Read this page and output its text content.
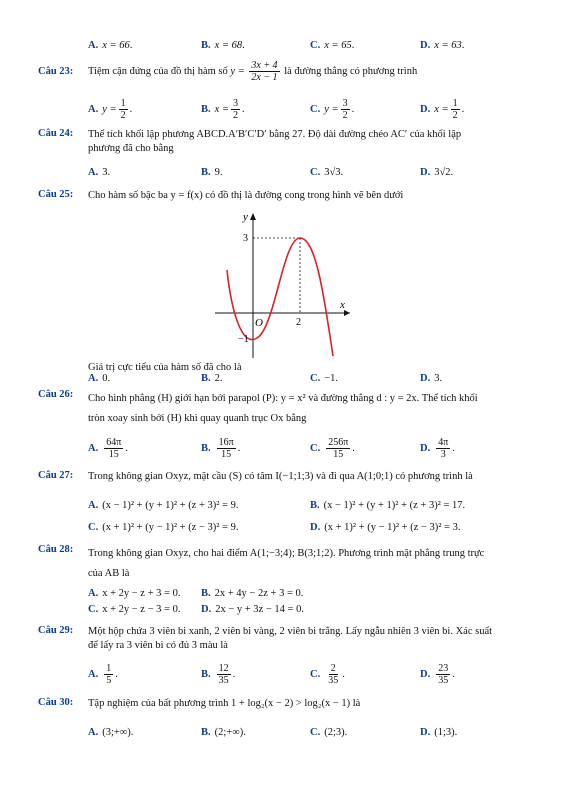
A. x = 66.	B. x = 68.	C. x = 65.	D. x = 63.
Câu 23: Tiệm cận đứng của đồ thị hàm số $y = \frac{3x + 4}{2x - 1}$ là đường thẳng có phương trình
A. $y = \frac{1}{2}$ .	B. $x = \frac{3}{2}$ .	C. $y = \frac{3}{2}$ .	D. $x = \frac{1}{2}$ .
Câu 24: Thể tích khối lập phương ABCD.A′B′C′D′ bằng 27. Độ dài đường chéo AC′ của khối lập
phương đã cho bằng
A. 3.	B. 9.	C. 3√3.	D. 3√2.
Câu 25: Cho hàm số bậc ba y = f(x) có đồ thị là đường cong trong hình vẽ bên dưới
y
x
O
3
2
−1
Giá trị cực tiểu của hàm số đã cho là
A. 0.	B. 2.	C. −1.	D. 3.
Câu 26: Cho hình phẳng (H) giới hạn bởi parapol (P): y = x² và đường thẳng d : y = 2x. Thể tích khối
tròn xoay sinh bởi (H) khi quay quanh trục Ox bằng
A. $\frac{64\pi}{15}$ .	B. $\frac{16\pi}{15}$ .	C. $\frac{256\pi}{15}$ .	D. $\frac{4\pi}{3}$ .
Câu 27: Trong không gian Oxyz, mặt cầu (S) có tâm I(−1;1;3) và đi qua A(1;0;1) có phương trình là
A. (x − 1)² + (y + 1)² + (z + 3)² = 9.	B. (x − 1)² + (y + 1)² + (z + 3)² = 17.
C. (x + 1)² + (y − 1)² + (z − 3)² = 9.	D. (x + 1)² + (y − 1)² + (z − 3)² = 3.
Câu 28: Trong không gian Oxyz, cho hai điểm A(1;−3;4); B(3;1;2). Phương trình mặt phẳng trung trực
của AB là
A. x + 2y − z + 3 = 0. B. 2x + 4y − 2z + 3 = 0.
C. x + 2y − z − 3 = 0. D. 2x − y + 3z − 14 = 0.
Câu 29: Một hộp chứa 3 viên bi xanh, 2 viên bi vàng, 2 viên bi trắng. Lấy ngẫu nhiên 3 viên bi. Xác suất
để lấy ra 3 viên bi có đủ 3 màu là
A. $\frac{1}{5}$ .	B. $\frac{12}{35}$ .	C. $\frac{2}{35}$ .	D. $\frac{23}{35}$ .
Câu 30: Tập nghiệm của bất phương trình 1 + log₂(x − 2) > log₂(x − 1) là
A. (3;+∞).	B. (2;+∞).	C. (2;3).	D. (1;3).
